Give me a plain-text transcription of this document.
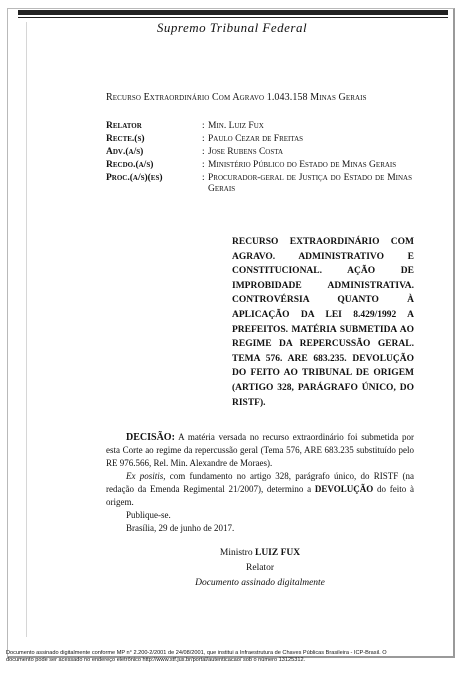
Supremo Tribunal Federal
Recurso Extraordinário Com Agravo 1.043.158 Minas Gerais
Relator	: Min. Luiz Fux
Recte.(s)	: Paulo Cezar de Freitas
Adv.(a/s)	: Jose Rubens Costa
Recdo.(a/s)	: Ministério Público do Estado de Minas Gerais
Proc.(a/s)(es)	: Procurador-geral de Justiça do Estado de Minas Gerais
RECURSO EXTRAORDINÁRIO COM AGRAVO. ADMINISTRATIVO E CONSTITUCIONAL. AÇÃO DE IMPROBIDADE ADMINISTRATIVA. CONTROVÉRSIA QUANTO À APLICAÇÃO DA LEI 8.429/1992 A PREFEITOS. MATÉRIA SUBMETIDA AO REGIME DA REPERCUSSÃO GERAL. TEMA 576. ARE 683.235. DEVOLUÇÃO DO FEITO AO TRIBUNAL DE ORIGEM (ARTIGO 328, PARÁGRAFO ÚNICO, DO RISTF).

DECISÃO: A matéria versada no recurso extraordinário foi submetida por esta Corte ao regime da repercussão geral (Tema 576, ARE 683.235 substituído pelo RE 976.566, Rel. Min. Alexandre de Moraes).

Ex positis, com fundamento no artigo 328, parágrafo único, do RISTF (na redação da Emenda Regimental 21/2007), determino a DEVOLUÇÃO do feito à origem.

Publique-se.

Brasília, 29 de junho de 2017.

Ministro LUIZ FUX
Relator
Documento assinado digitalmente
Documento assinado digitalmente conforme MP n° 2.200-2/2001 de 24/08/2001, que institui a Infraestrutura de Chaves Públicas Brasileira - ICP-Brasil. O
documento pode ser acessado no endereço eletrônico http://www.stf.jus.br/portal/autenticacao/ sob o número 13125312.
